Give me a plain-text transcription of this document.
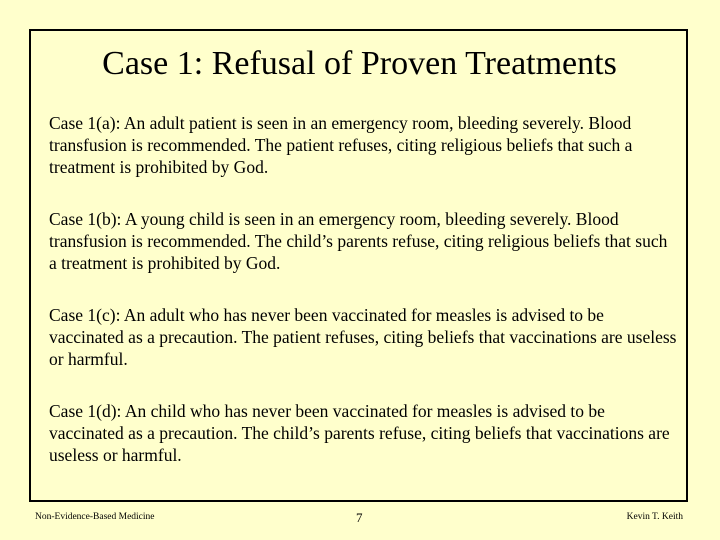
Case 1: Refusal of Proven Treatments

Case 1(a): An adult patient is seen in an emergency room, bleeding severely. Blood transfusion is recommended. The patient refuses, citing religious beliefs that such a treatment is prohibited by God.

Case 1(b): A young child is seen in an emergency room, bleeding severely. Blood transfusion is recommended. The child’s parents refuse, citing religious beliefs that such a treatment is prohibited by God.

Case 1(c): An adult who has never been vaccinated for measles is advised to be vaccinated as a precaution. The patient refuses, citing beliefs that vaccinations are useless or harmful.

Case 1(d): An child who has never been vaccinated for measles is advised to be vaccinated as a precaution. The child’s parents refuse, citing beliefs that vaccinations are useless or harmful.

Non-Evidence-Based Medicine	7	Kevin T. Keith
